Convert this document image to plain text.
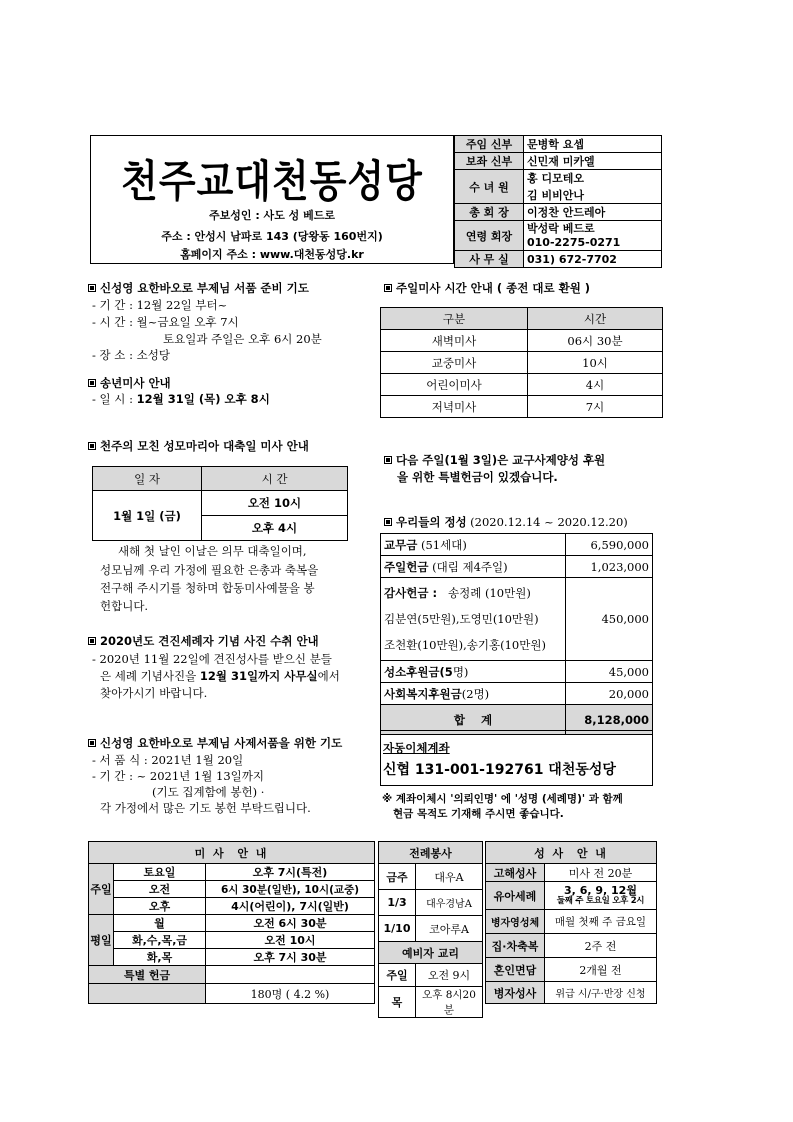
천주교대천동성당
주보성인 : 사도 성 베드로
주소 : 안성시 남파로 143 (당왕동 160번지)
홈페이지 주소 : www.대천동성당.kr
주임 신부	문병학 요셉
보좌 신부	신민재 미카엘
수 녀 원	홍 디모테오
	김 비비안나
총 회 장	이정찬 안드레아
연령 회장	박성락 베드로
	010-2275-0271
사 무 실	031) 672-7702
신성영 요한바오로 부제님 서품 준비 기도
- 기 간 : 12월 22일 부터~
- 시 간 : 월~금요일 오후 7시
토요일과 주일은 오후 6시 20분
- 장 소 : 소성당
송년미사 안내
- 일 시 : 12월 31일 (목) 오후 8시
천주의 모친 성모마리아 대축일 미사 안내
일 자	시 간
1월 1일 (금)	오전 10시
	오후 4시
새해 첫 날인 이날은 의무 대축일이며,
성모님께 우리 가정에 필요한 은총과 축복을
전구해 주시기를 청하며 합동미사예물을 봉
헌합니다.
2020년도 견진세례자 기념 사진 수취 안내
- 2020년 11월 22일에 견진성사를 받으신 분들
은 세례 기념사진을 12월 31일까지 사무실에서
찾아가시기 바랍니다.
신성영 요한바오로 부제님 사제서품을 위한 기도
- 서 품 식 : 2021년 1월 20일
- 기 간 : ~ 2021년 1월 13일까지
(기도 집계함에 봉헌) ·
각 가정에서 많은 기도 봉헌 부탁드립니다.
주일미사 시간 안내 ( 종전 대로 환원 )
구분	시간
새벽미사	06시 30분
교중미사	10시
어린이미사	4시
저녁미사	7시
다음 주일(1월 3일)은 교구사제양성 후원
을 위한 특별헌금이 있겠습니다.
우리들의 정성 (2020.12.14 ~ 2020.12.20)
교무금 (51세대)	6,590,000
주일헌금 (대림 제4주일)	1,023,000

감사헌금 : 송정례 (10만원)
김분연(5만원),도영민(10만원)
조천환(10만원),송기홍(10만원)	450,000
성소후원금(5명)	45,000
사회복지후원금(2명)	20,000
합    계	8,128,000
자동이체계좌
신협 131-001-192761 대천동성당
※ 계좌이체시 '의뢰인명' 에 '성명 (세례명)' 과 함께
현금 목적도 기재해 주시면 좋습니다.
미 사  안 내		
주일	토요일	오후 7시(특전)
	오전	6시 30분(일반), 10시(교중)
	오후	4시(어린이), 7시(일반)
평일	월	오전 6시 30분
	화,수,목,금	오전 10시
	화,목	오후 7시 30분
특별 헌금		
		180명 ( 4.2 %)
전례봉사	
금주	대우A
1/3	대우경남A
1/10	코아루A
예비자 교리	
주일	오전 9시
목	오후 8시20분
성 사  안 내	
고해성사	미사 전 20분
유아세례	3, 6, 9, 12월
둘째 주 토요일 오후 2시

병자영성체	매월 첫째 주 금요일
집·차축복	2주 전
혼인면담	2개월 전
병자성사	위급 시/구·반장 신청
